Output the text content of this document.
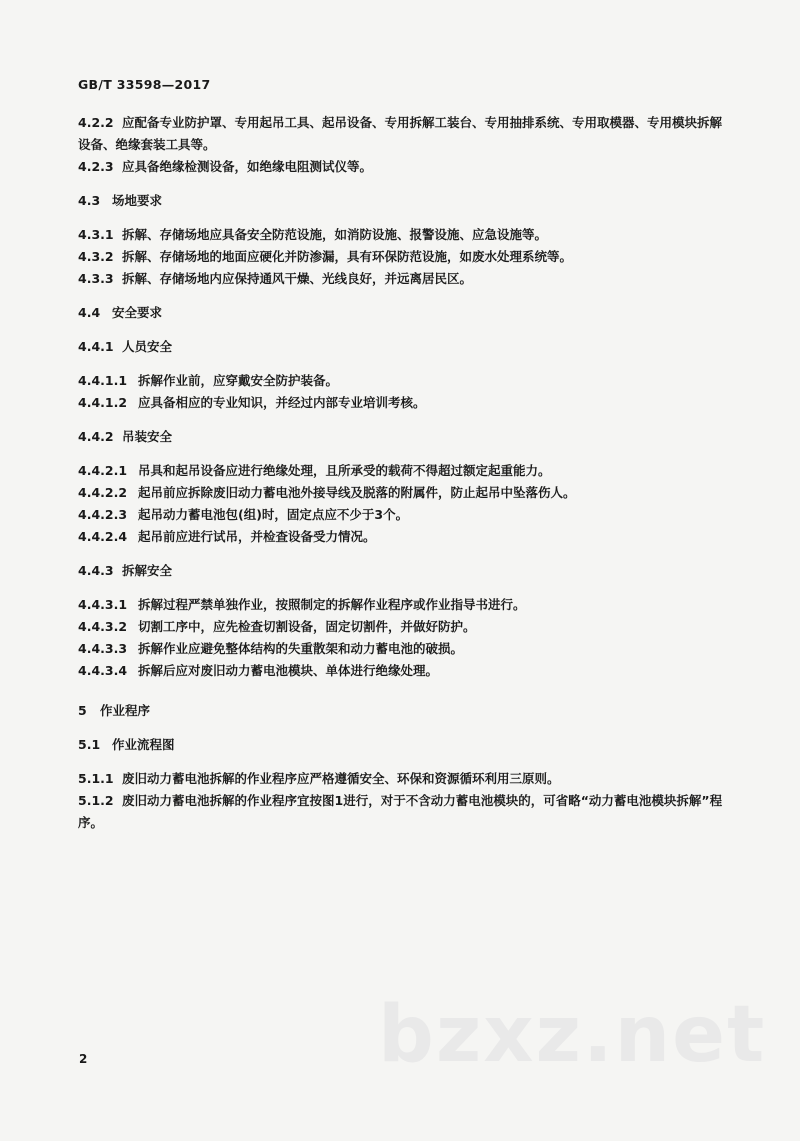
GB/T 33598—2017
4.2.2 应配备专业防护罩、专用起吊工具、起吊设备、专用拆解工装台、专用抽排系统、专用取模器、专用模块拆解设备、绝缘套装工具等。
4.2.3 应具备绝缘检测设备，如绝缘电阻测试仪等。
4.3 场地要求
4.3.1 拆解、存储场地应具备安全防范设施，如消防设施、报警设施、应急设施等。
4.3.2 拆解、存储场地的地面应硬化并防渗漏，具有环保防范设施，如废水处理系统等。
4.3.3 拆解、存储场地内应保持通风干燥、光线良好，并远离居民区。
4.4 安全要求
4.4.1 人员安全
4.4.1.1 拆解作业前，应穿戴安全防护装备。
4.4.1.2 应具备相应的专业知识，并经过内部专业培训考核。
4.4.2 吊装安全
4.4.2.1 吊具和起吊设备应进行绝缘处理，且所承受的载荷不得超过额定起重能力。
4.4.2.2 起吊前应拆除废旧动力蓄电池外接导线及脱落的附属件，防止起吊中坠落伤人。
4.4.2.3 起吊动力蓄电池包(组)时，固定点应不少于3个。
4.4.2.4 起吊前应进行试吊，并检查设备受力情况。
4.4.3 拆解安全
4.4.3.1 拆解过程严禁单独作业，按照制定的拆解作业程序或作业指导书进行。
4.4.3.2 切割工序中，应先检查切割设备，固定切割件，并做好防护。
4.4.3.3 拆解作业应避免整体结构的失重散架和动力蓄电池的破损。
4.4.3.4 拆解后应对废旧动力蓄电池模块、单体进行绝缘处理。
5 作业程序
5.1 作业流程图
5.1.1 废旧动力蓄电池拆解的作业程序应严格遵循安全、环保和资源循环利用三原则。
5.1.2 废旧动力蓄电池拆解的作业程序宜按图1进行，对于不含动力蓄电池模块的，可省略“动力蓄电池模块拆解”程序。
bzxz.net
2
